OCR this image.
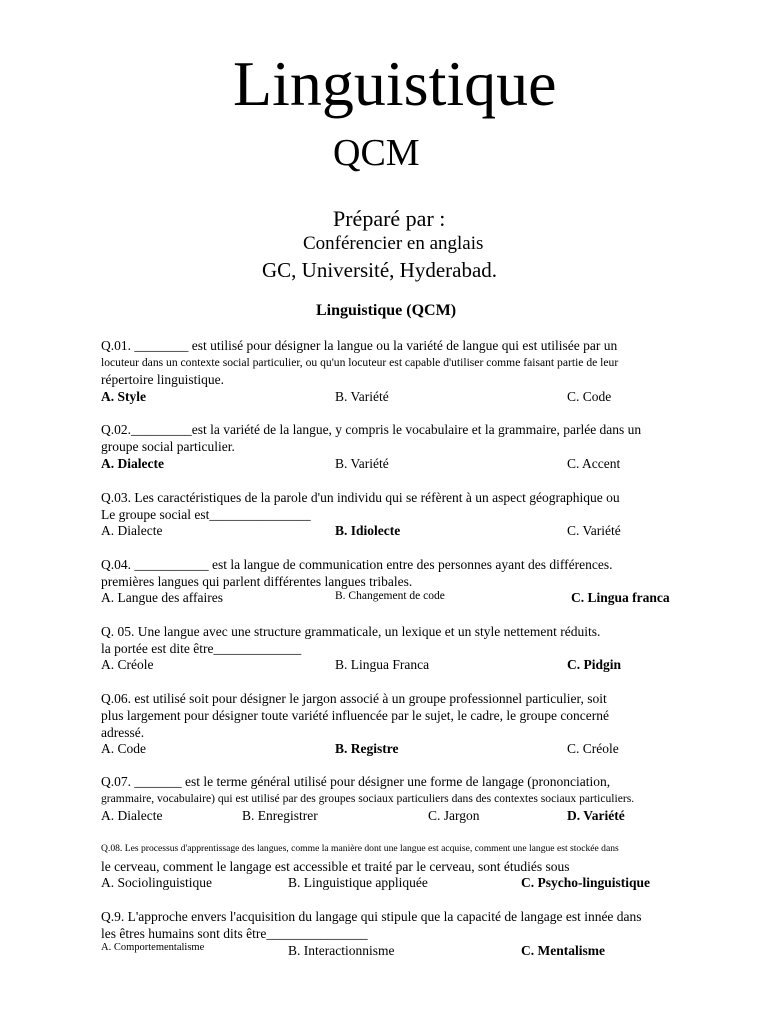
Linguistique
QCM
Préparé par :
Conférencier en anglais
GC, Université, Hyderabad.
Linguistique (QCM)

Q.01. ________ est utilisé pour désigner la langue ou la variété de langue qui est utilisée par un

locuteur dans un contexte social particulier, ou qu'un locuteur est capable d'utiliser comme faisant partie de leur

répertoire linguistique.

A. Style	B. Variété	C. Code

Q.02._________est la variété de la langue, y compris le vocabulaire et la grammaire, parlée dans un

groupe social particulier.

A. Dialecte	B. Variété	C. Accent

Q.03. Les caractéristiques de la parole d'un individu qui se réfèrent à un aspect géographique ou

Le groupe social est_______________

A. Dialecte	B. Idiolecte	C. Variété

Q.04. ___________ est la langue de communication entre des personnes ayant des différences.

premières langues qui parlent différentes langues tribales.

A. Langue des affaires	B. Changement de code	C. Lingua franca

Q. 05. Une langue avec une structure grammaticale, un lexique et un style nettement réduits.

la portée est dite être_____________

A. Créole	B. Lingua Franca	C. Pidgin

Q.06. est utilisé soit pour désigner le jargon associé à un groupe professionnel particulier, soit

plus largement pour désigner toute variété influencée par le sujet, le cadre, le groupe concerné

adressé.

A. Code	B. Registre	C. Créole

Q.07. _______ est le terme général utilisé pour désigner une forme de langage (prononciation,

grammaire, vocabulaire) qui est utilisé par des groupes sociaux particuliers dans des contextes sociaux particuliers.

A. Dialecte	B. Enregistrer	C. Jargon	D. Variété

Q.08. Les processus d'apprentissage des langues, comme la manière dont une langue est acquise, comment une langue est stockée dans

le cerveau, comment le langage est accessible et traité par le cerveau, sont étudiés sous

A. Sociolinguistique	B. Linguistique appliquée	C. Psycho-linguistique

Q.9. L'approche envers l'acquisition du langage qui stipule que la capacité de langage est innée dans

les êtres humains sont dits être_______________

A. Comportementalisme	B. Interactionnisme	C. Mentalisme
